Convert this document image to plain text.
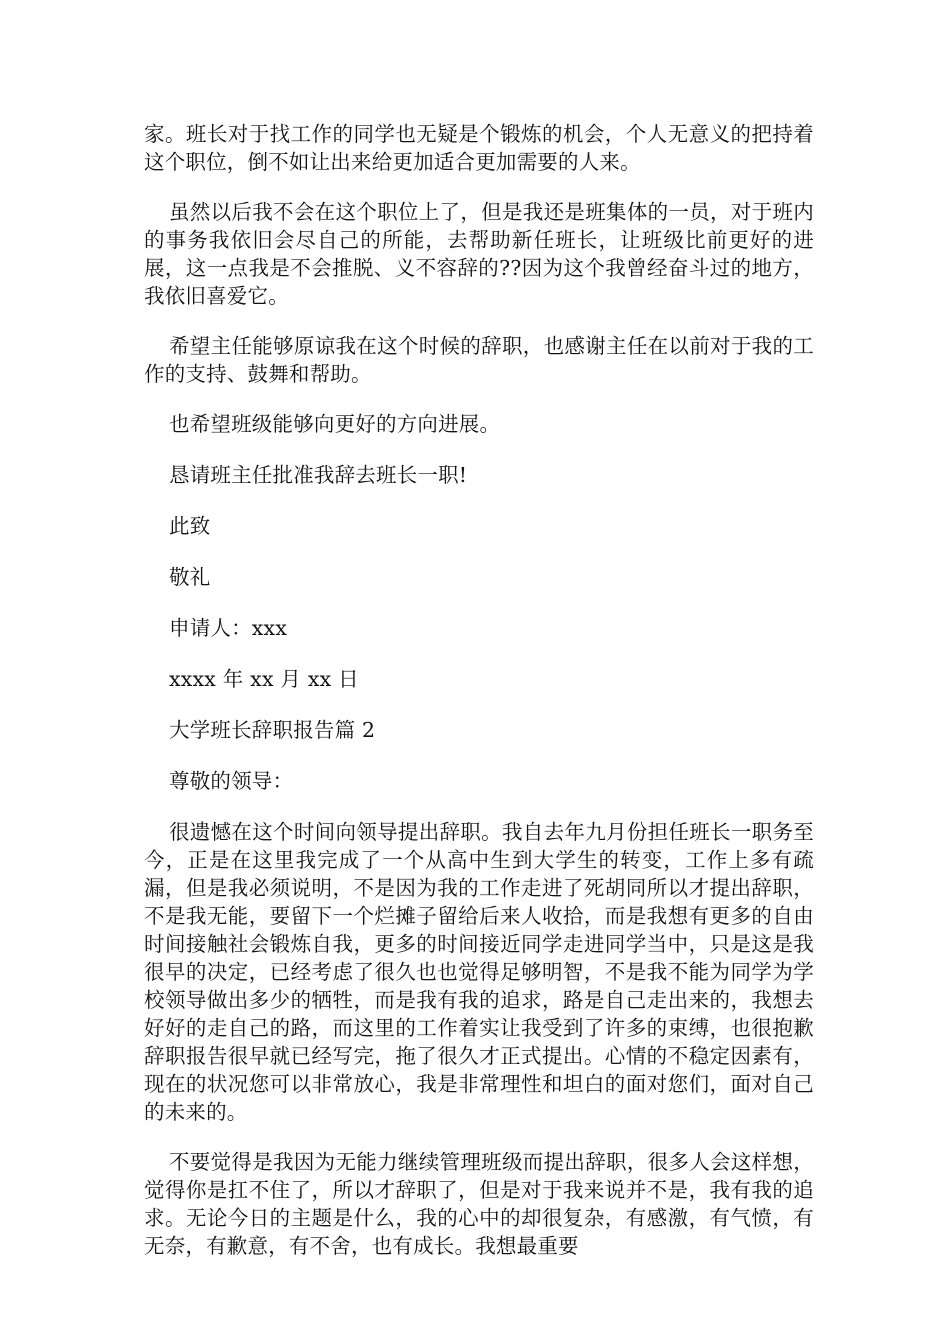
家。班长对于找工作的同学也无疑是个锻炼的机会，个人无意义的把持着这个职位，倒不如让出来给更加适合更加需要的人来。

虽然以后我不会在这个职位上了，但是我还是班集体的一员，对于班内的事务我依旧会尽自己的所能，去帮助新任班长，让班级比前更好的进展，这一点我是不会推脱、义不容辞的??因为这个我曾经奋斗过的地方，我依旧喜爱它。

希望主任能够原谅我在这个时候的辞职，也感谢主任在以前对于我的工作的支持、鼓舞和帮助。

也希望班级能够向更好的方向进展。

恳请班主任批准我辞去班长一职!

此致

敬礼

申请人：xxx

xxxx 年 xx 月 xx 日

大学班长辞职报告篇 2

尊敬的领导：

很遗憾在这个时间向领导提出辞职。我自去年九月份担任班长一职务至今，正是在这里我完成了一个从高中生到大学生的转变，工作上多有疏漏，但是我必须说明，不是因为我的工作走进了死胡同所以才提出辞职，不是我无能，要留下一个烂摊子留给后来人收拾，而是我想有更多的自由时间接触社会锻炼自我，更多的时间接近同学走进同学当中，只是这是我很早的决定，已经考虑了很久也也觉得足够明智，不是我不能为同学为学校领导做出多少的牺牲，而是我有我的追求，路是自己走出来的，我想去好好的走自己的路，而这里的工作着实让我受到了许多的束缚，也很抱歉辞职报告很早就已经写完，拖了很久才正式提出。心情的不稳定因素有，现在的状况您可以非常放心，我是非常理性和坦白的面对您们，面对自己的未来的。

不要觉得是我因为无能力继续管理班级而提出辞职，很多人会这样想，觉得你是扛不住了，所以才辞职了，但是对于我来说并不是，我有我的追求。无论今日的主题是什么，我的心中的却很复杂，有感激，有气愤，有无奈，有歉意，有不舍，也有成长。我想最重要
